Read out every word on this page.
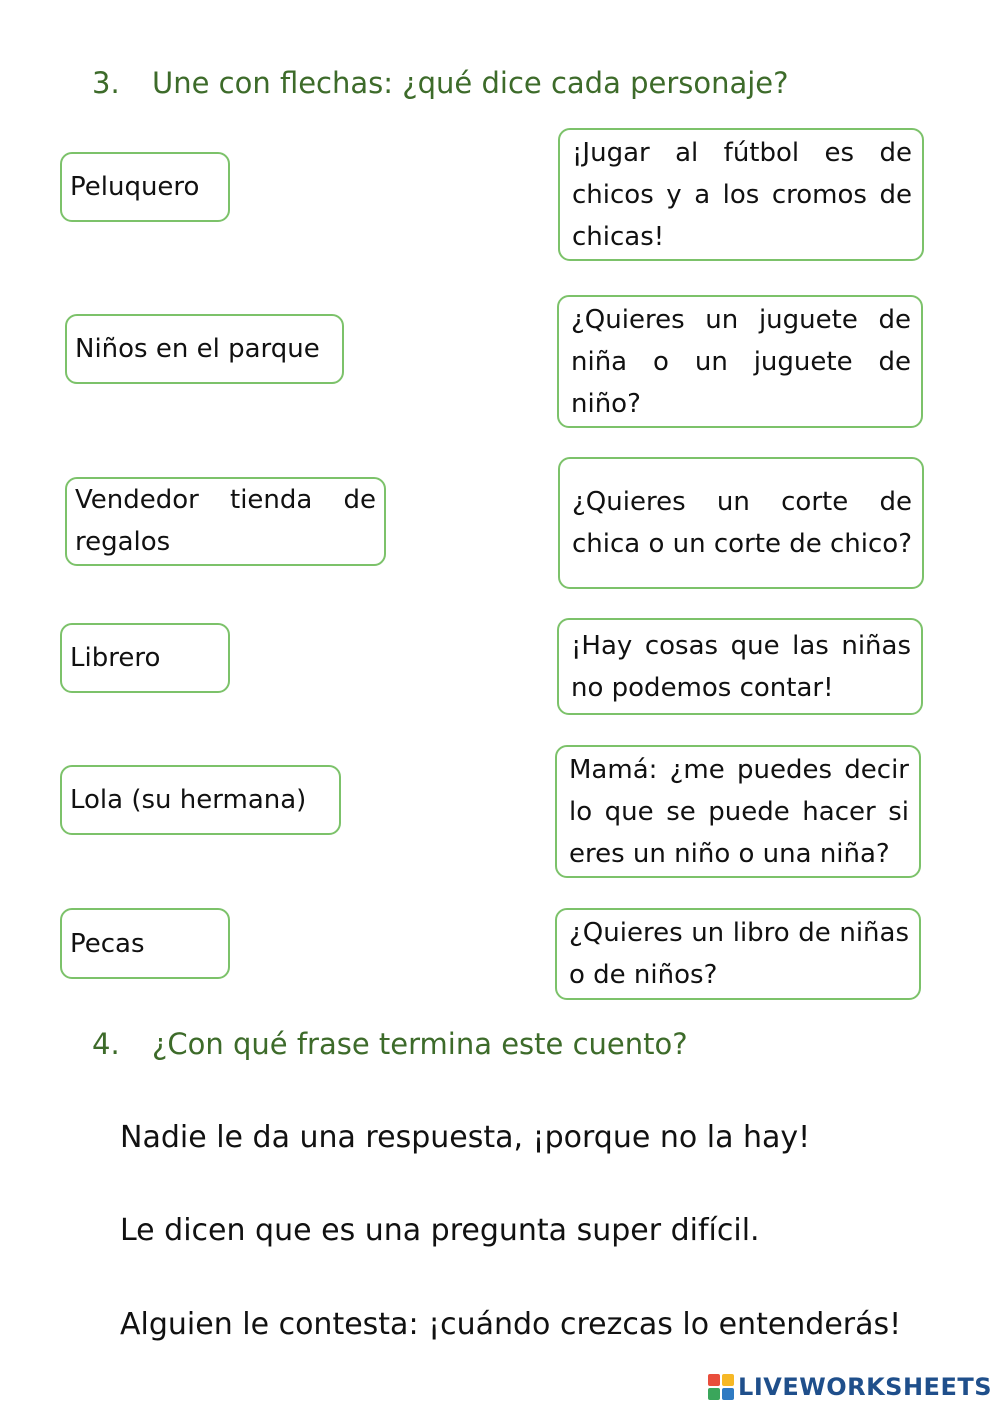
3. Une con flechas: ¿qué dice cada personaje?
Peluquero
Niños en el parque
Vendedor tienda de regalos
Librero
Lola (su hermana)
Pecas
¡Jugar al fútbol es de chicos y a los cromos de chicas!
¿Quieres un juguete de niña o un juguete de niño?
¿Quieres un corte de chica o un corte de chico?
¡Hay cosas que las niñas no podemos contar!
Mamá: ¿me puedes decir lo que se puede hacer si eres un niño o una niña?
¿Quieres un libro de niñas o de niños?
4. ¿Con qué frase termina este cuento?
Nadie le da una respuesta, ¡porque no la hay!
Le dicen que es una pregunta super difícil.
Alguien le contesta: ¡cuándo crezcas lo entenderás!
LIVEWORKSHEETS
